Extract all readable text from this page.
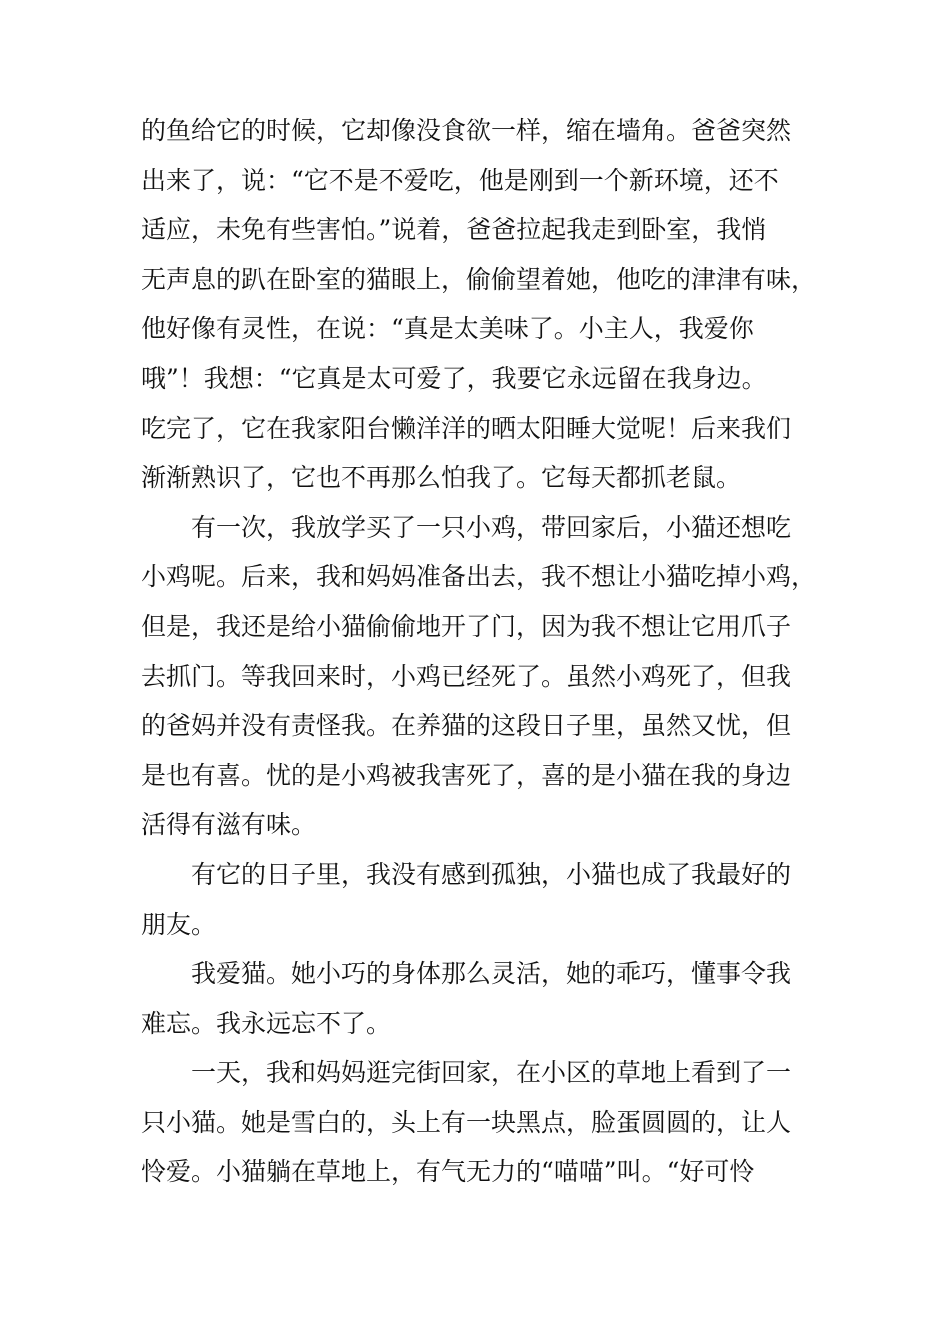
的鱼给它的时候，它却像没食欲一样，缩在墙角。爸爸突然
出来了，说：“它不是不爱吃，他是刚到一个新环境，还不
适应，未免有些害怕。”说着，爸爸拉起我走到卧室，我悄
无声息的趴在卧室的猫眼上，偷偷望着她，他吃的津津有味，
他好像有灵性，在说：“真是太美味了。小主人，我爱你
哦”！我想：“它真是太可爱了，我要它永远留在我身边。
吃完了，它在我家阳台懒洋洋的晒太阳睡大觉呢！后来我们
渐渐熟识了，它也不再那么怕我了。它每天都抓老鼠。
有一次，我放学买了一只小鸡，带回家后，小猫还想吃
小鸡呢。后来，我和妈妈准备出去，我不想让小猫吃掉小鸡，
但是，我还是给小猫偷偷地开了门，因为我不想让它用爪子
去抓门。等我回来时，小鸡已经死了。虽然小鸡死了，但我
的爸妈并没有责怪我。在养猫的这段日子里，虽然又忧，但
是也有喜。忧的是小鸡被我害死了，喜的是小猫在我的身边
活得有滋有味。
有它的日子里，我没有感到孤独，小猫也成了我最好的
朋友。
我爱猫。她小巧的身体那么灵活，她的乖巧，懂事令我
难忘。我永远忘不了。
一天，我和妈妈逛完街回家，在小区的草地上看到了一
只小猫。她是雪白的，头上有一块黑点，脸蛋圆圆的，让人
怜爱。小猫躺在草地上，有气无力的“喵喵”叫。“好可怜
